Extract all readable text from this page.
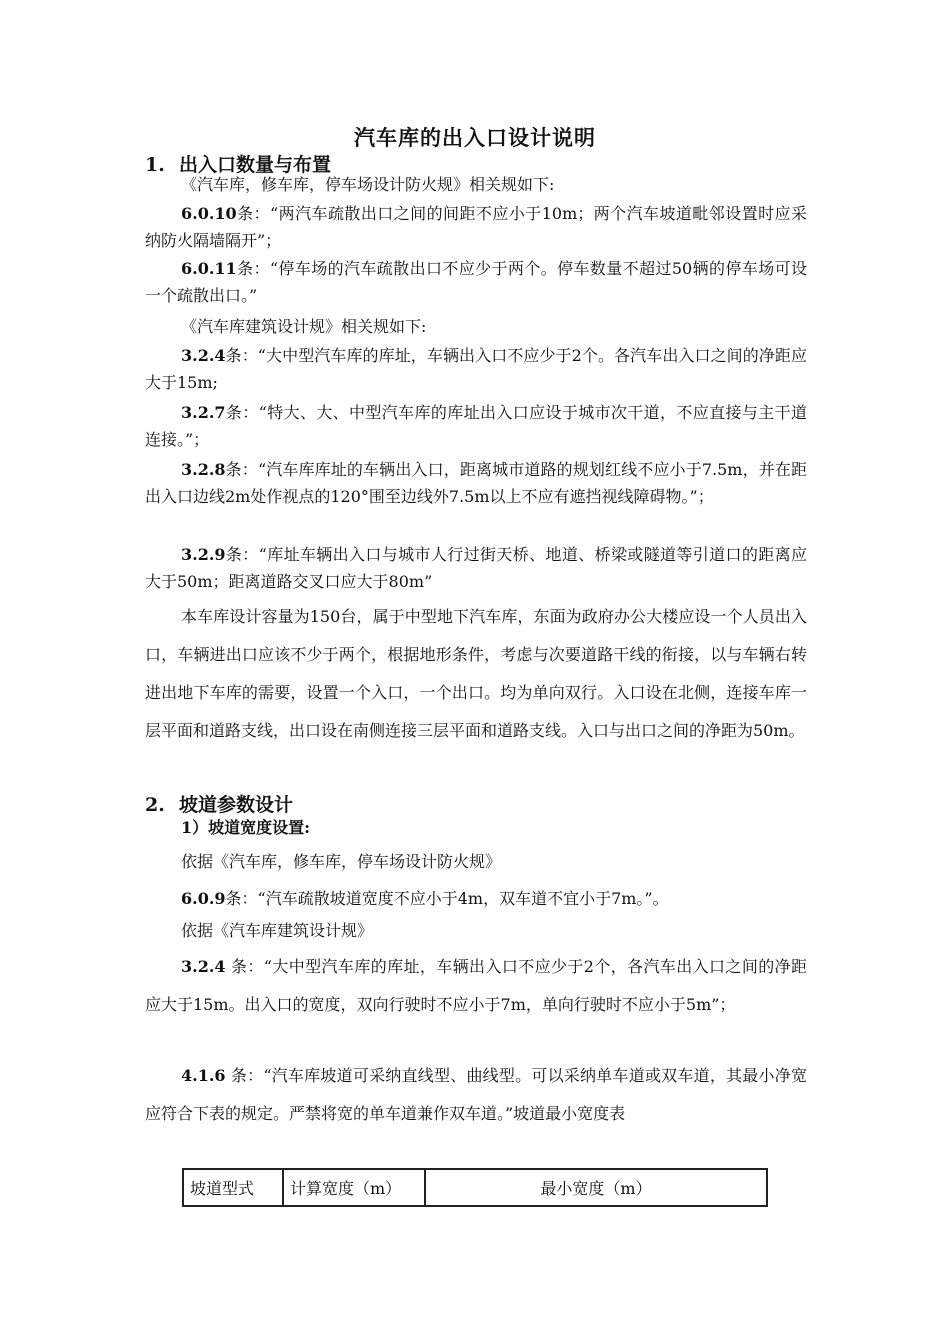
汽车库的出入口设计说明
1. 出入口数量与布置
《汽车库，修车库，停车场设计防火规》相关规如下:
6.0.10条：“两汽车疏散出口之间的间距不应小于10m；两个汽车坡道毗邻设置时应采纳防火隔墙隔开”；
6.0.11条：“停车场的汽车疏散出口不应少于两个。停车数量不超过50辆的停车场可设一个疏散出口。”
《汽车库建筑设计规》相关规如下:
3.2.4条：“大中型汽车库的库址，车辆出入口不应少于2个。各汽车出入口之间的净距应大于15m;
3.2.7条：“特大、大、中型汽车库的库址出入口应设于城市次干道，不应直接与主干道连接。”；
3.2.8条：“汽车库库址的车辆出入口，距离城市道路的规划红线不应小于7.5m，并在距出入口边线2m处作视点的120°围至边线外7.5m以上不应有遮挡视线障碍物。”；
3.2.9条：“库址车辆出入口与城市人行过街天桥、地道、桥梁或隧道等引道口的距离应大于50m；距离道路交叉口应大于80m”
本车库设计容量为150台，属于中型地下汽车库，东面为政府办公大楼应设一个人员出入口，车辆进出口应该不少于两个，根据地形条件，考虑与次要道路干线的衔接，以与车辆右转进出地下车库的需要，设置一个入口，一个出口。均为单向双行。入口设在北侧，连接车库一层平面和道路支线，出口设在南侧连接三层平面和道路支线。入口与出口之间的净距为50m。
2. 坡道参数设计
1）坡道宽度设置:
依据《汽车库，修车库，停车场设计防火规》
6.0.9条：“汽车疏散坡道宽度不应小于4m，双车道不宜小于7m。”。
依据《汽车库建筑设计规》
3.2.4 条：“大中型汽车库的库址，车辆出入口不应少于2个，各汽车出入口之间的净距应大于15m。出入口的宽度，双向行驶时不应小于7m，单向行驶时不应小于5m”；
4.1.6 条：“汽车库坡道可采纳直线型、曲线型。可以采纳单车道或双车道，其最小净宽应符合下表的规定。严禁将宽的单车道兼作双车道。”坡道最小宽度表
坡道型式	计算宽度（m）	最小宽度（m）
